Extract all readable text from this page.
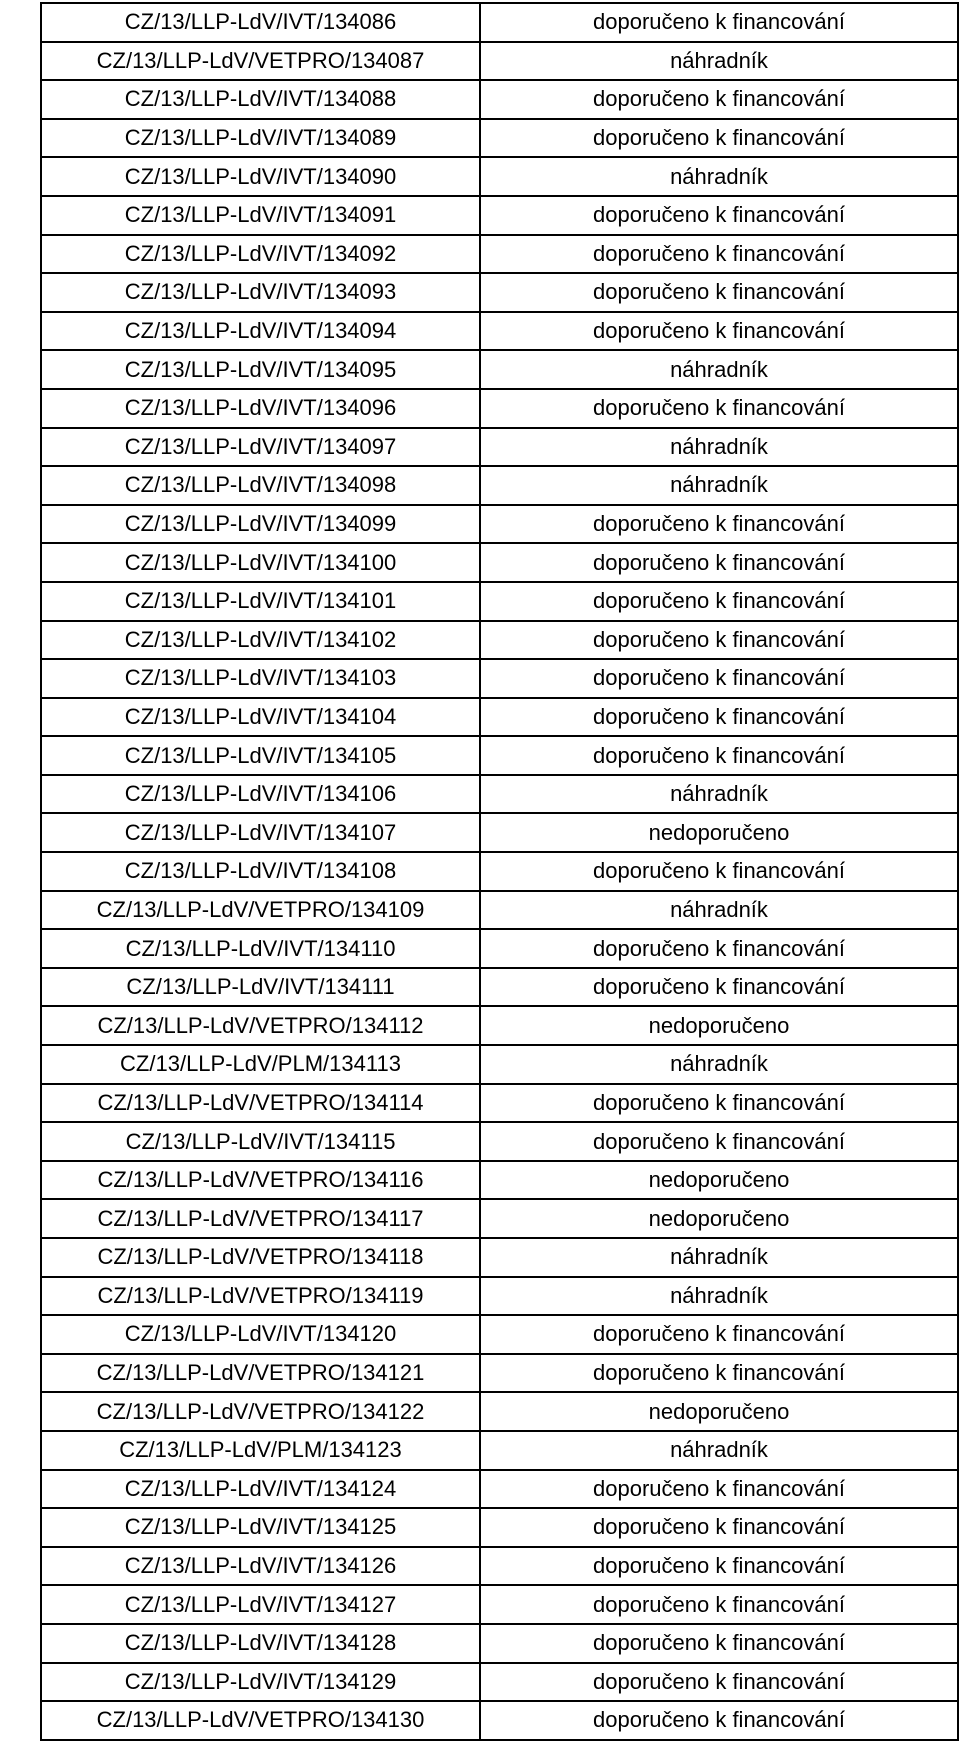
CZ/13/LLP-LdV/IVT/134086	doporučeno k financování
CZ/13/LLP-LdV/VETPRO/134087	náhradník
CZ/13/LLP-LdV/IVT/134088	doporučeno k financování
CZ/13/LLP-LdV/IVT/134089	doporučeno k financování
CZ/13/LLP-LdV/IVT/134090	náhradník
CZ/13/LLP-LdV/IVT/134091	doporučeno k financování
CZ/13/LLP-LdV/IVT/134092	doporučeno k financování
CZ/13/LLP-LdV/IVT/134093	doporučeno k financování
CZ/13/LLP-LdV/IVT/134094	doporučeno k financování
CZ/13/LLP-LdV/IVT/134095	náhradník
CZ/13/LLP-LdV/IVT/134096	doporučeno k financování
CZ/13/LLP-LdV/IVT/134097	náhradník
CZ/13/LLP-LdV/IVT/134098	náhradník
CZ/13/LLP-LdV/IVT/134099	doporučeno k financování
CZ/13/LLP-LdV/IVT/134100	doporučeno k financování
CZ/13/LLP-LdV/IVT/134101	doporučeno k financování
CZ/13/LLP-LdV/IVT/134102	doporučeno k financování
CZ/13/LLP-LdV/IVT/134103	doporučeno k financování
CZ/13/LLP-LdV/IVT/134104	doporučeno k financování
CZ/13/LLP-LdV/IVT/134105	doporučeno k financování
CZ/13/LLP-LdV/IVT/134106	náhradník
CZ/13/LLP-LdV/IVT/134107	nedoporučeno
CZ/13/LLP-LdV/IVT/134108	doporučeno k financování
CZ/13/LLP-LdV/VETPRO/134109	náhradník
CZ/13/LLP-LdV/IVT/134110	doporučeno k financování
CZ/13/LLP-LdV/IVT/134111	doporučeno k financování
CZ/13/LLP-LdV/VETPRO/134112	nedoporučeno
CZ/13/LLP-LdV/PLM/134113	náhradník
CZ/13/LLP-LdV/VETPRO/134114	doporučeno k financování
CZ/13/LLP-LdV/IVT/134115	doporučeno k financování
CZ/13/LLP-LdV/VETPRO/134116	nedoporučeno
CZ/13/LLP-LdV/VETPRO/134117	nedoporučeno
CZ/13/LLP-LdV/VETPRO/134118	náhradník
CZ/13/LLP-LdV/VETPRO/134119	náhradník
CZ/13/LLP-LdV/IVT/134120	doporučeno k financování
CZ/13/LLP-LdV/VETPRO/134121	doporučeno k financování
CZ/13/LLP-LdV/VETPRO/134122	nedoporučeno
CZ/13/LLP-LdV/PLM/134123	náhradník
CZ/13/LLP-LdV/IVT/134124	doporučeno k financování
CZ/13/LLP-LdV/IVT/134125	doporučeno k financování
CZ/13/LLP-LdV/IVT/134126	doporučeno k financování
CZ/13/LLP-LdV/IVT/134127	doporučeno k financování
CZ/13/LLP-LdV/IVT/134128	doporučeno k financování
CZ/13/LLP-LdV/IVT/134129	doporučeno k financování
CZ/13/LLP-LdV/VETPRO/134130	doporučeno k financování
